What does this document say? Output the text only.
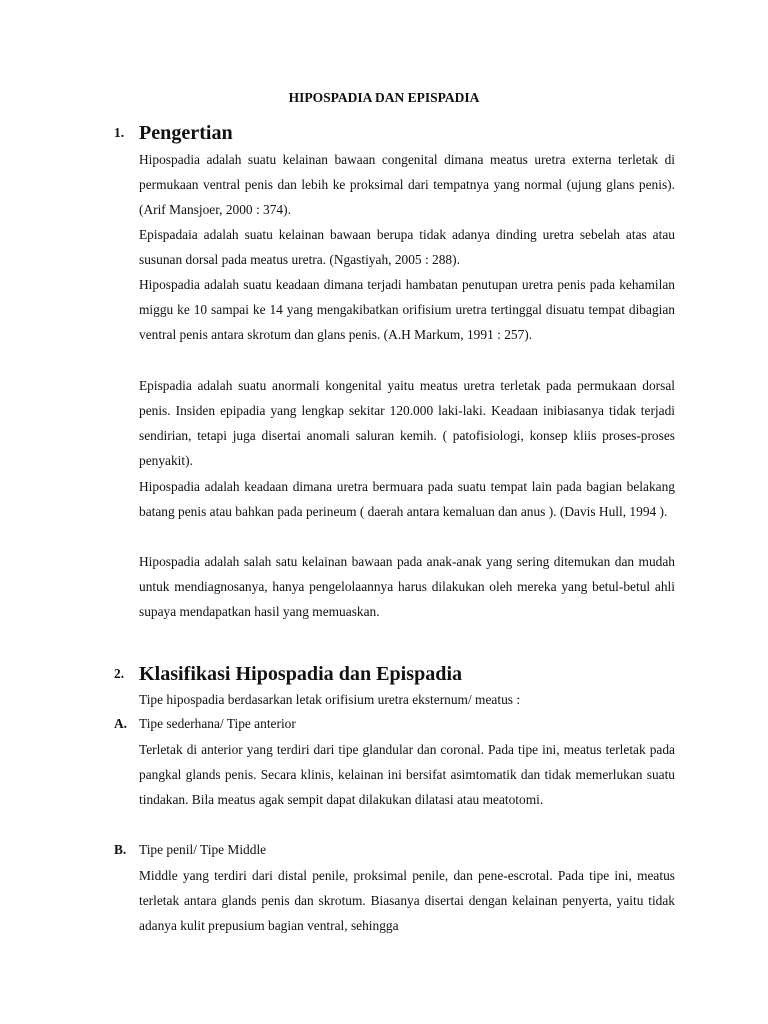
HIPOSPADIA DAN EPISPADIA
1. Pengertian

Hipospadia adalah suatu kelainan bawaan congenital dimana meatus uretra externa terletak di permukaan ventral penis dan lebih ke proksimal dari tempatnya yang normal (ujung glans penis). (Arif Mansjoer, 2000 : 374).

Epispadaia adalah suatu kelainan bawaan berupa tidak adanya dinding uretra sebelah atas atau susunan dorsal pada meatus uretra. (Ngastiyah, 2005 : 288).

Hipospadia adalah suatu keadaan dimana terjadi hambatan penutupan uretra penis pada kehamilan miggu ke 10 sampai ke 14 yang mengakibatkan orifisium uretra tertinggal disuatu tempat dibagian ventral penis antara skrotum dan glans penis. (A.H Markum, 1991 : 257).

Epispadia adalah suatu anormali kongenital yaitu meatus uretra terletak pada permukaan dorsal penis. Insiden epipadia yang lengkap sekitar 120.000 laki-laki. Keadaan inibiasanya tidak terjadi sendirian, tetapi juga disertai anomali saluran kemih. ( patofisiologi, konsep kliis proses-proses penyakit).

Hipospadia adalah keadaan dimana uretra bermuara pada suatu tempat lain pada bagian belakang batang penis atau bahkan pada perineum ( daerah antara kemaluan dan anus ). (Davis Hull, 1994 ).

Hipospadia adalah salah satu kelainan bawaan pada anak-anak yang sering ditemukan dan mudah untuk mendiagnosanya, hanya pengelolaannya harus dilakukan oleh mereka yang betul-betul ahli supaya mendapatkan hasil yang memuaskan.

2. Klasifikasi Hipospadia dan Epispadia

Tipe hipospadia berdasarkan letak orifisium uretra eksternum/ meatus :

A. Tipe sederhana/ Tipe anterior

Terletak di anterior yang terdiri dari tipe glandular dan coronal. Pada tipe ini, meatus terletak pada pangkal glands penis. Secara klinis, kelainan ini bersifat asimtomatik dan tidak memerlukan suatu tindakan. Bila meatus agak sempit dapat dilakukan dilatasi atau meatotomi.

B. Tipe penil/ Tipe Middle

Middle yang terdiri dari distal penile, proksimal penile, dan pene-escrotal. Pada tipe ini, meatus terletak antara glands penis dan skrotum. Biasanya disertai dengan kelainan penyerta, yaitu tidak adanya kulit prepusium bagian ventral, sehingga
